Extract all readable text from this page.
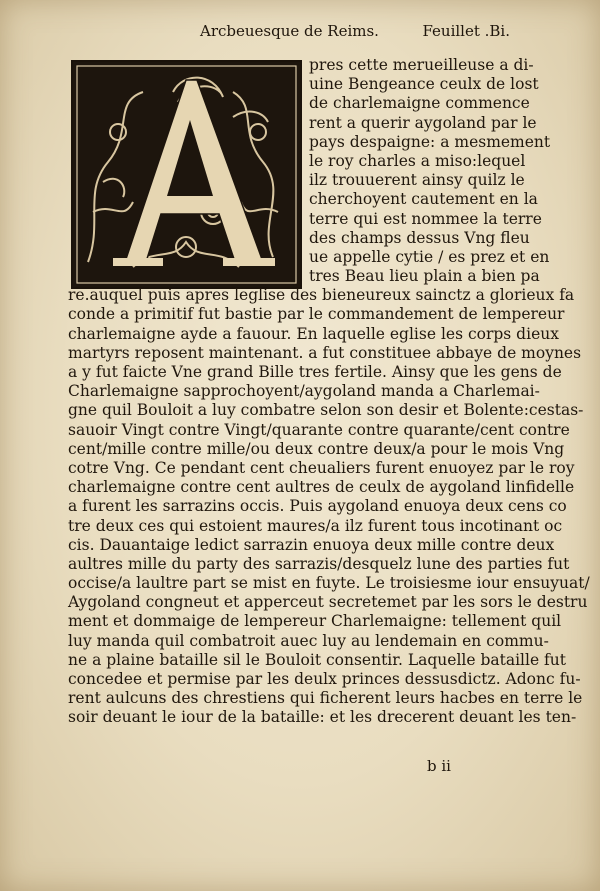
Arcbeuesque de Reims.	Feuillet .Bi.
pres cette merueilleuse a di-
uine Bengeance ceulx de lost
de charlemaigne commence
rent a querir aygoland par le
pays despaigne: a mesmement
le roy charles a miso:lequel
ilz trouuerent ainsy quilz le
cherchoyent cautement en la
terre qui est nommee la terre
des champs dessus Vng fleu
ue appelle cytie / es prez et en
tres Beau lieu plain a bien pa
re.auquel puis apres leglise des bieneureux sainctz a glorieux fa
conde a primitif fut bastie par le commandement de lempereur
charlemaigne ayde a fauour. En laquelle eglise les corps dieux
martyrs reposent maintenant. a fut constituee abbaye de moynes
a y fut faicte Vne grand Bille tres fertile. Ainsy que les gens de
Charlemaigne sapprochoyent/aygoland manda a Charlemai-
gne quil Bouloit a luy combatre selon son desir et Bolente:cestas-
sauoir Vingt contre Vingt/quarante contre quarante/cent contre
cent/mille contre mille/ou deux contre deux/a pour le mois Vng
cotre Vng. Ce pendant cent cheualiers furent enuoyez par le roy
charlemaigne contre cent aultres de ceulx de aygoland linfidelle
a furent les sarrazins occis. Puis aygoland enuoya deux cens co
tre deux ces qui estoient maures/a ilz furent tous incotinant oc
cis. Dauantaige ledict sarrazin enuoya deux mille contre deux
aultres mille du party des sarrazis/desquelz lune des parties fut
occise/a laultre part se mist en fuyte. Le troisiesme iour ensuyuat/
Aygoland congneut et apperceut secretemet par les sors le destru
ment et dommaige de lempereur Charlemaigne: tellement quil
luy manda quil combatroit auec luy au lendemain en commu-
ne a plaine bataille sil le Bouloit consentir. Laquelle bataille fut
concedee et permise par les deulx princes dessusdictz. Adonc fu-
rent aulcuns des chrestiens qui ficherent leurs hacbes en terre le
soir deuant le iour de la bataille: et les drecerent deuant les ten-
b ii
